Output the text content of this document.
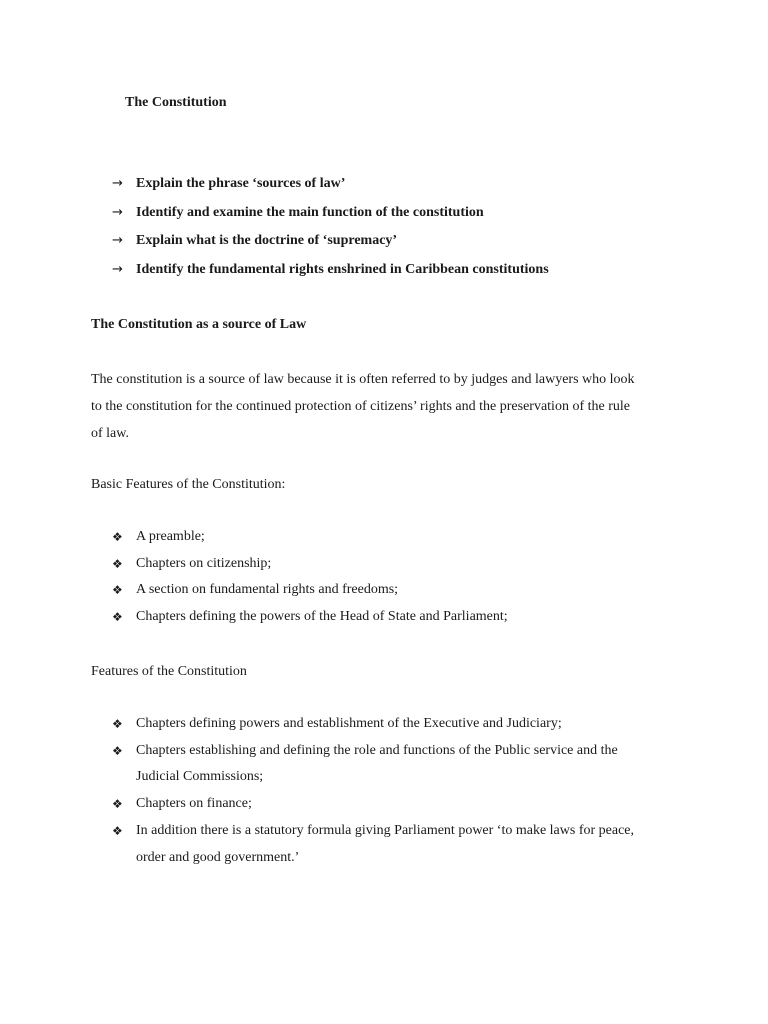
The Constitution
→ Explain the phrase ‘sources of law’
→ Identify and examine the main function of the constitution
→ Explain what is the doctrine of ‘supremacy’
→ Identify the fundamental rights enshrined in Caribbean constitutions
The Constitution as a source of Law

The constitution is a source of law because it is often referred to by judges and lawyers who look
to the constitution for the continued protection of citizens’ rights and the preservation of the rule
of law.

Basic Features of the Constitution:

❖ A preamble;
❖ Chapters on citizenship;
❖ A section on fundamental rights and freedoms;
❖ Chapters defining the powers of the Head of State and Parliament;

Features of the Constitution

❖ Chapters defining powers and establishment of the Executive and Judiciary;
❖ Chapters establishing and defining the role and functions of the Public service and the
Judicial Commissions;
❖ Chapters on finance;
❖ In addition there is a statutory formula giving Parliament power ‘to make laws for peace,
order and good government.’
